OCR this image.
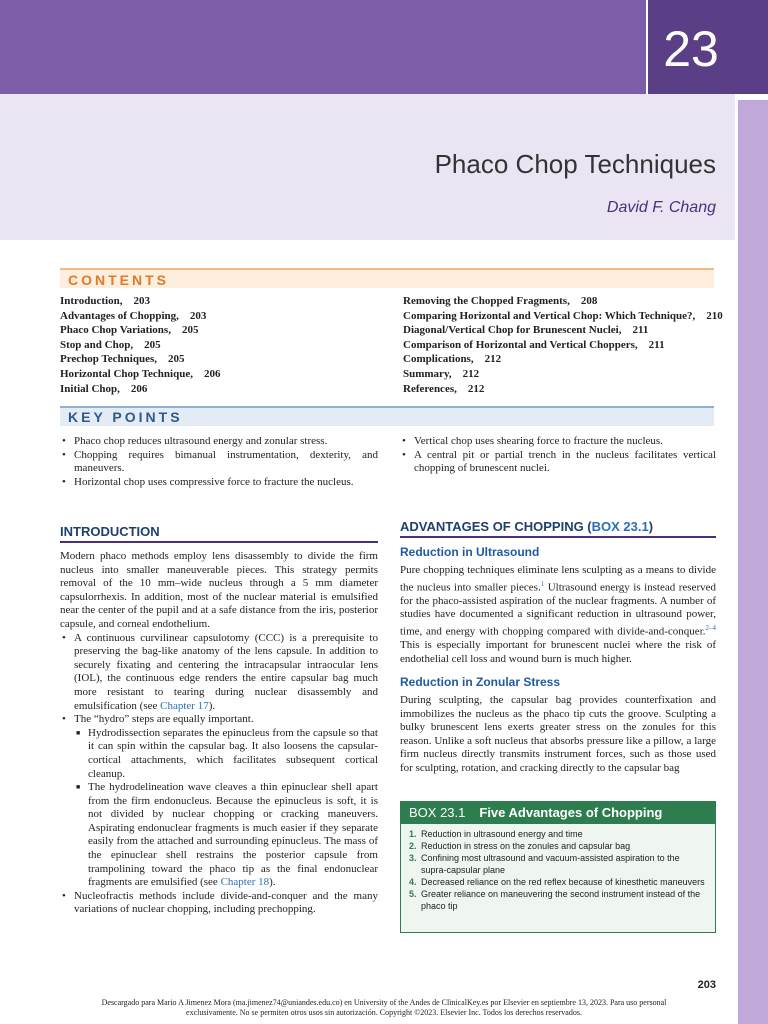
23
Phaco Chop Techniques
David F. Chang
CONTENTS
Introduction,    203
Advantages of Chopping,    203
Phaco Chop Variations,    205
Stop and Chop,    205
Prechop Techniques,    205
Horizontal Chop Technique,    206
Initial Chop,    206
Removing the Chopped Fragments,    208
Comparing Horizontal and Vertical Chop: Which Technique?,    210
Diagonal/Vertical Chop for Brunescent Nuclei,    211
Comparison of Horizontal and Vertical Choppers,    211
Complications,    212
Summary,    212
References,    212
KEY POINTS
• Phaco chop reduces ultrasound energy and zonular stress.
• Chopping requires bimanual instrumentation, dexterity, and maneuvers.
• Horizontal chop uses compressive force to fracture the nucleus.
• Vertical chop uses shearing force to fracture the nucleus.
• A central pit or partial trench in the nucleus facilitates vertical chopping of brunescent nuclei.
INTRODUCTION

Modern phaco methods employ lens disassembly to divide the firm nucleus into smaller maneuverable pieces. This strategy permits removal of the 10 mm–wide nucleus through a 5 mm diameter capsulorrhexis. In addition, most of the nuclear material is emulsified near the center of the pupil and at a safe distance from the iris, posterior capsule, and corneal endothelium.

• A continuous curvilinear capsulotomy (CCC) is a prerequisite to preserving the bag-like anatomy of the lens capsule. In addition to securely fixating and centering the intracapsular intraocular lens (IOL), the continuous edge renders the entire capsular bag much more resistant to tearing during nuclear disassembly and emulsification (see Chapter 17).
• The “hydro” steps are equally important.
■ Hydrodissection separates the epinucleus from the capsule so that it can spin within the capsular bag. It also loosens the capsular-cortical attachments, which facilitates subsequent cortical cleanup.
■ The hydrodelineation wave cleaves a thin epinuclear shell apart from the firm endonucleus. Because the epinucleus is soft, it is not divided by nuclear chopping or cracking maneuvers. Aspirating endonuclear fragments is much easier if they separate easily from the attached and surrounding epinucleus. The mass of the epinuclear shell restrains the posterior capsule from trampolining toward the phaco tip as the final endonuclear fragments are emulsified (see Chapter 18).
• Nucleofractis methods include divide-and-conquer and the many variations of nuclear chopping, including prechopping.
ADVANTAGES OF CHOPPING (BOX 23.1)
Reduction in Ultrasound

Pure chopping techniques eliminate lens sculpting as a means to divide the nucleus into smaller pieces.$^1$ Ultrasound energy is instead reserved for the phaco-assisted aspiration of the nuclear fragments. A number of studies have documented a significant reduction in ultrasound power, time, and energy with chopping compared with divide-and-conquer.$^{2-4}$ This is especially important for brunescent nuclei where the risk of endothelial cell loss and wound burn is much higher.

Reduction in Zonular Stress

During sculpting, the capsular bag provides counterfixation and immobilizes the nucleus as the phaco tip cuts the groove. Sculpting a bulky brunescent lens exerts greater stress on the zonules for this reason. Unlike a soft nucleus that absorbs pressure like a pillow, a large firm nucleus directly transmits instrument forces, such as those used for sculpting, rotation, and cracking directly to the capsular bag

BOX 23.1 Five Advantages of Chopping
1. Reduction in ultrasound energy and time
2. Reduction in stress on the zonules and capsular bag
3. Confining most ultrasound and vacuum-assisted aspiration to the supra-capsular plane
4. Decreased reliance on the red reflex because of kinesthetic maneuvers
5. Greater reliance on maneuvering the second instrument instead of the phaco tip
203
Descargado para Mario A Jimenez Mora (ma.jimenez74@uniandes.edu.co) en University of the Andes de ClinicalKey.es por Elsevier en septiembre 13, 2023. Para uso personal exclusivamente. No se permiten otros usos sin autorización. Copyright ©2023. Elsevier Inc. Todos los derechos reservados.
